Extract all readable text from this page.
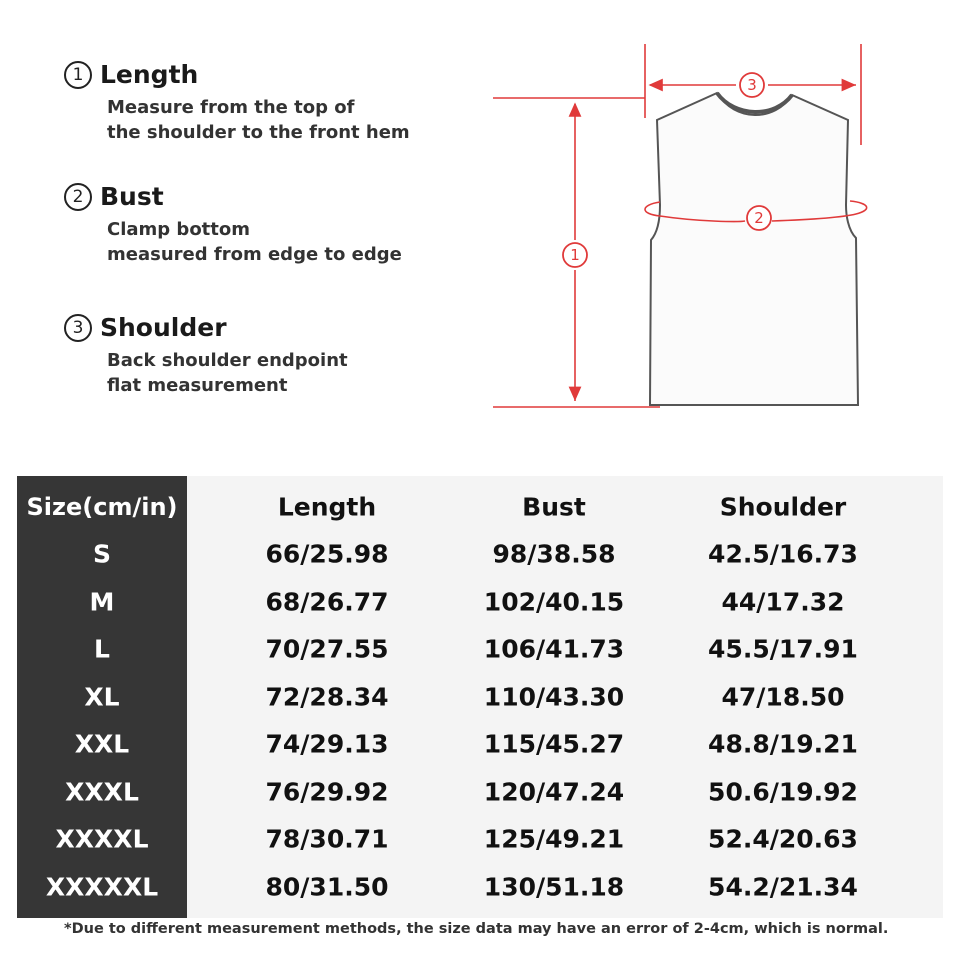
1 Length
Measure from the top of
the shoulder to the front hem
2 Bust
Clamp bottom
measured from edge to edge
3 Shoulder
Back shoulder endpoint
flat measurement
1
2
3
Size(cm/in)	Length	Bust	Shoulder
S	66/25.98	98/38.58	42.5/16.73
M	68/26.77	102/40.15	44/17.32
L	70/27.55	106/41.73	45.5/17.91
XL	72/28.34	110/43.30	47/18.50
XXL	74/29.13	115/45.27	48.8/19.21
XXXL	76/29.92	120/47.24	50.6/19.92
XXXXL	78/30.71	125/49.21	52.4/20.63
XXXXXL	80/31.50	130/51.18	54.2/21.34
*Due to different measurement methods, the size data may have an error of 2-4cm, which is normal.
